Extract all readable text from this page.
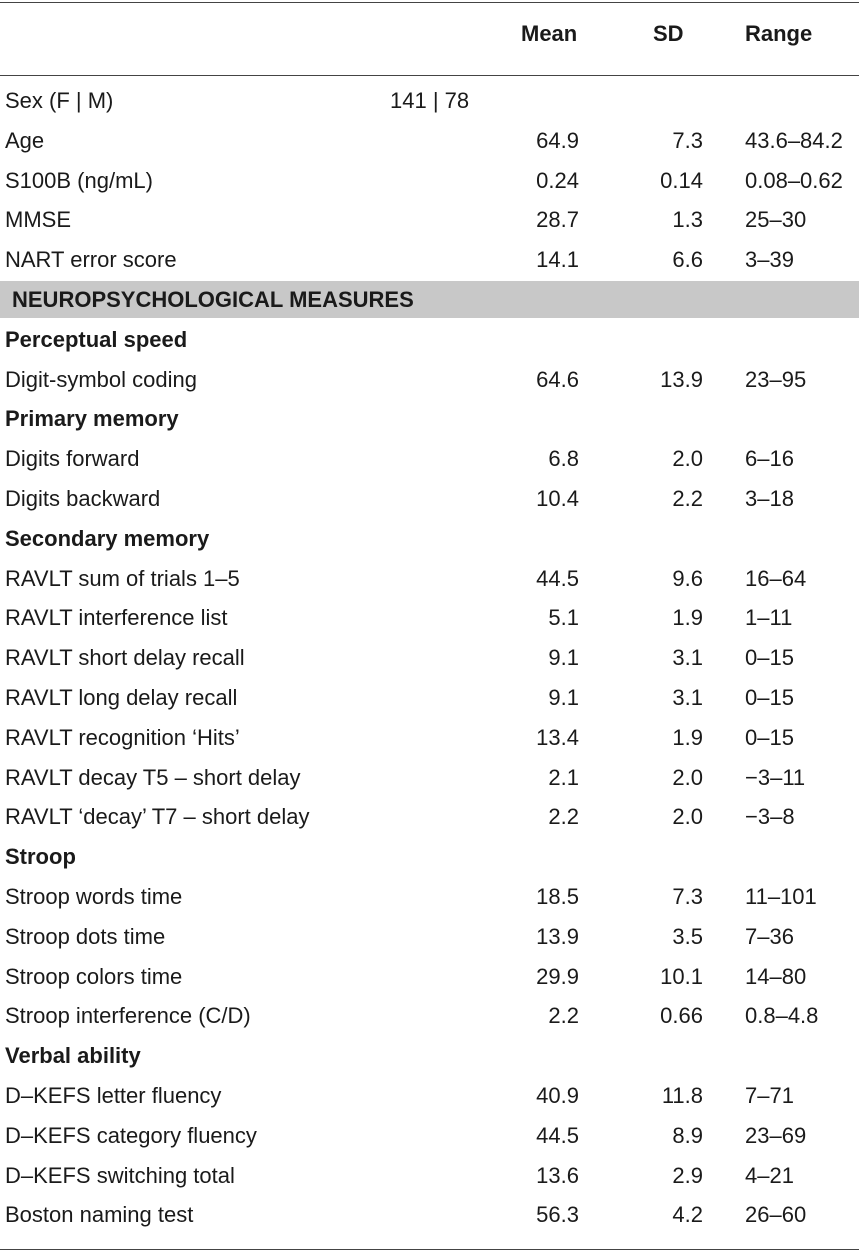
Mean	SD	Range
Sex (F | M)	141 | 78
Age	64.9	7.3 43.6–84.2
S100B (ng/mL)	0.24	0.14 0.08–0.62
MMSE	28.7	1.3 25–30
NART error score	14.1	6.6 3–39
NEUROPSYCHOLOGICAL MEASURES
Perceptual speed
Digit-symbol coding	64.6	13.9 23–95
Primary memory
Digits forward	6.8	2.0 6–16
Digits backward	10.4	2.2 3–18
Secondary memory
RAVLT sum of trials 1–5	44.5	9.6 16–64
RAVLT interference list	5.1	1.9 1–11
RAVLT short delay recall	9.1	3.1 0–15
RAVLT long delay recall	9.1	3.1 0–15
RAVLT recognition ‘Hits’	13.4	1.9 0–15
RAVLT decay T5 – short delay	2.1	2.0 −3–11
RAVLT ‘decay’ T7 – short delay	2.2	2.0 −3–8
Stroop
Stroop words time	18.5	7.3 11–101
Stroop dots time	13.9	3.5 7–36
Stroop colors time	29.9	10.1 14–80
Stroop interference (C/D)	2.2	0.66 0.8–4.8
Verbal ability
D–KEFS letter fluency	40.9	11.8 7–71
D–KEFS category fluency	44.5	8.9 23–69
D–KEFS switching total	13.6	2.9 4–21
Boston naming test	56.3	4.2 26–60
